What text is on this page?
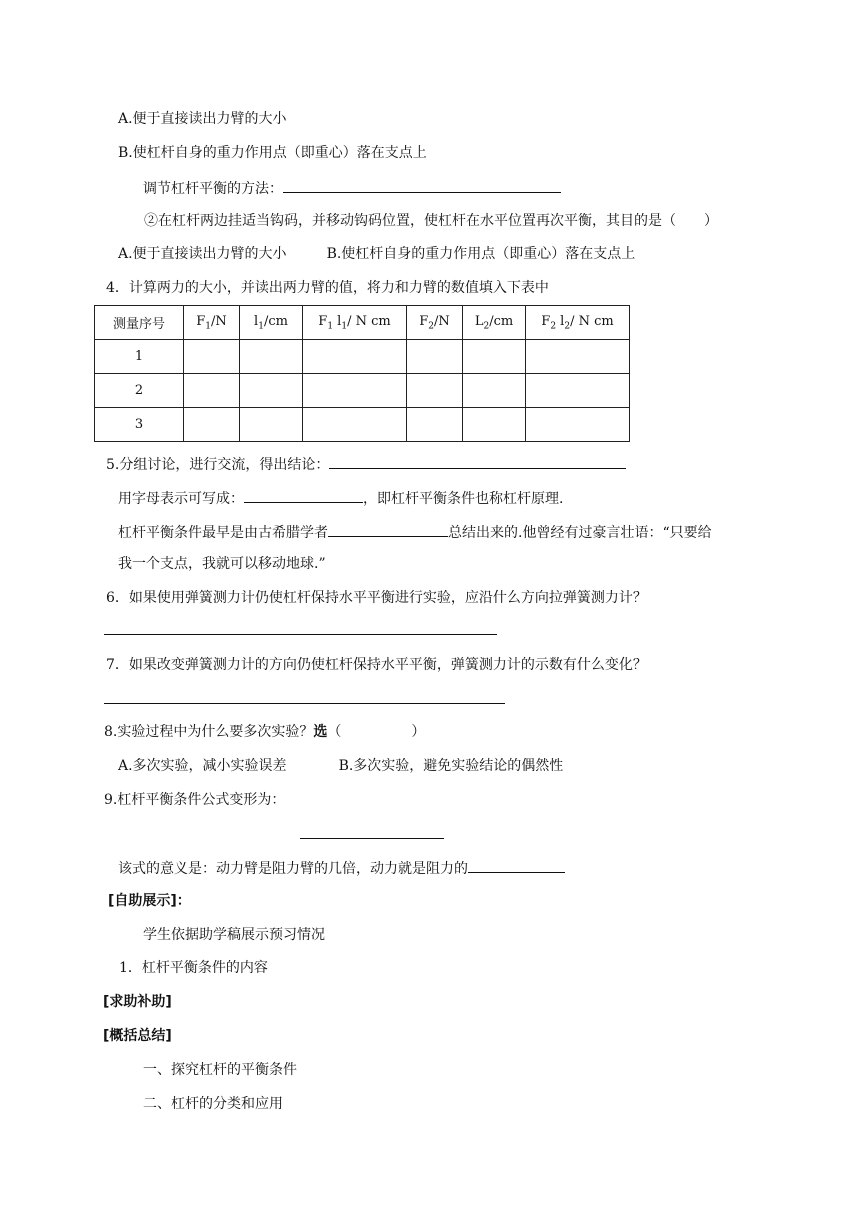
A.便于直接读出力臂的大小
B.使杠杆自身的重力作用点（即重心）落在支点上
调节杠杆平衡的方法：
②在杠杆两边挂适当钩码，并移动钩码位置，使杠杆在水平位置再次平衡，其目的是（　　）
A.便于直接读出力臂的大小	B.使杠杆自身的重力作用点（即重心）落在支点上
4．计算两力的大小，并读出两力臂的值，将力和力臂的数值填入下表中
测量序号	$F_1/N$	$l_1/cm$	$F_1$ $l_1/$ N cm	$F_2/N$	$L_2/cm$	$F_2$ $l_2/$ N cm
1						
2						
3						
5.分组讨论，进行交流，得出结论：
用字母表示可写成：	，即杠杆平衡条件也称杠杆原理.
杠杆平衡条件最早是由古希腊学者	总结出来的.他曾经有过豪言壮语：“只要给
我一个支点，我就可以移动地球.”
6．如果使用弹簧测力计仍使杠杆保持水平平衡进行实验，应沿什么方向拉弹簧测力计？
7．如果改变弹簧测力计的方向仍使杠杆保持水平平衡，弹簧测力计的示数有什么变化？
8.实验过程中为什么要多次实验？选（　　　　　）
A.多次实验，减小实验误差	B.多次实验，避免实验结论的偶然性
9.杠杆平衡条件公式变形为：
该式的意义是：动力臂是阻力臂的几倍，动力就是阻力的
[自助展示]：
学生依据助学稿展示预习情况
1．杠杆平衡条件的内容
[求助补助]
[概括总结]
一、探究杠杆的平衡条件
二、杠杆的分类和应用
